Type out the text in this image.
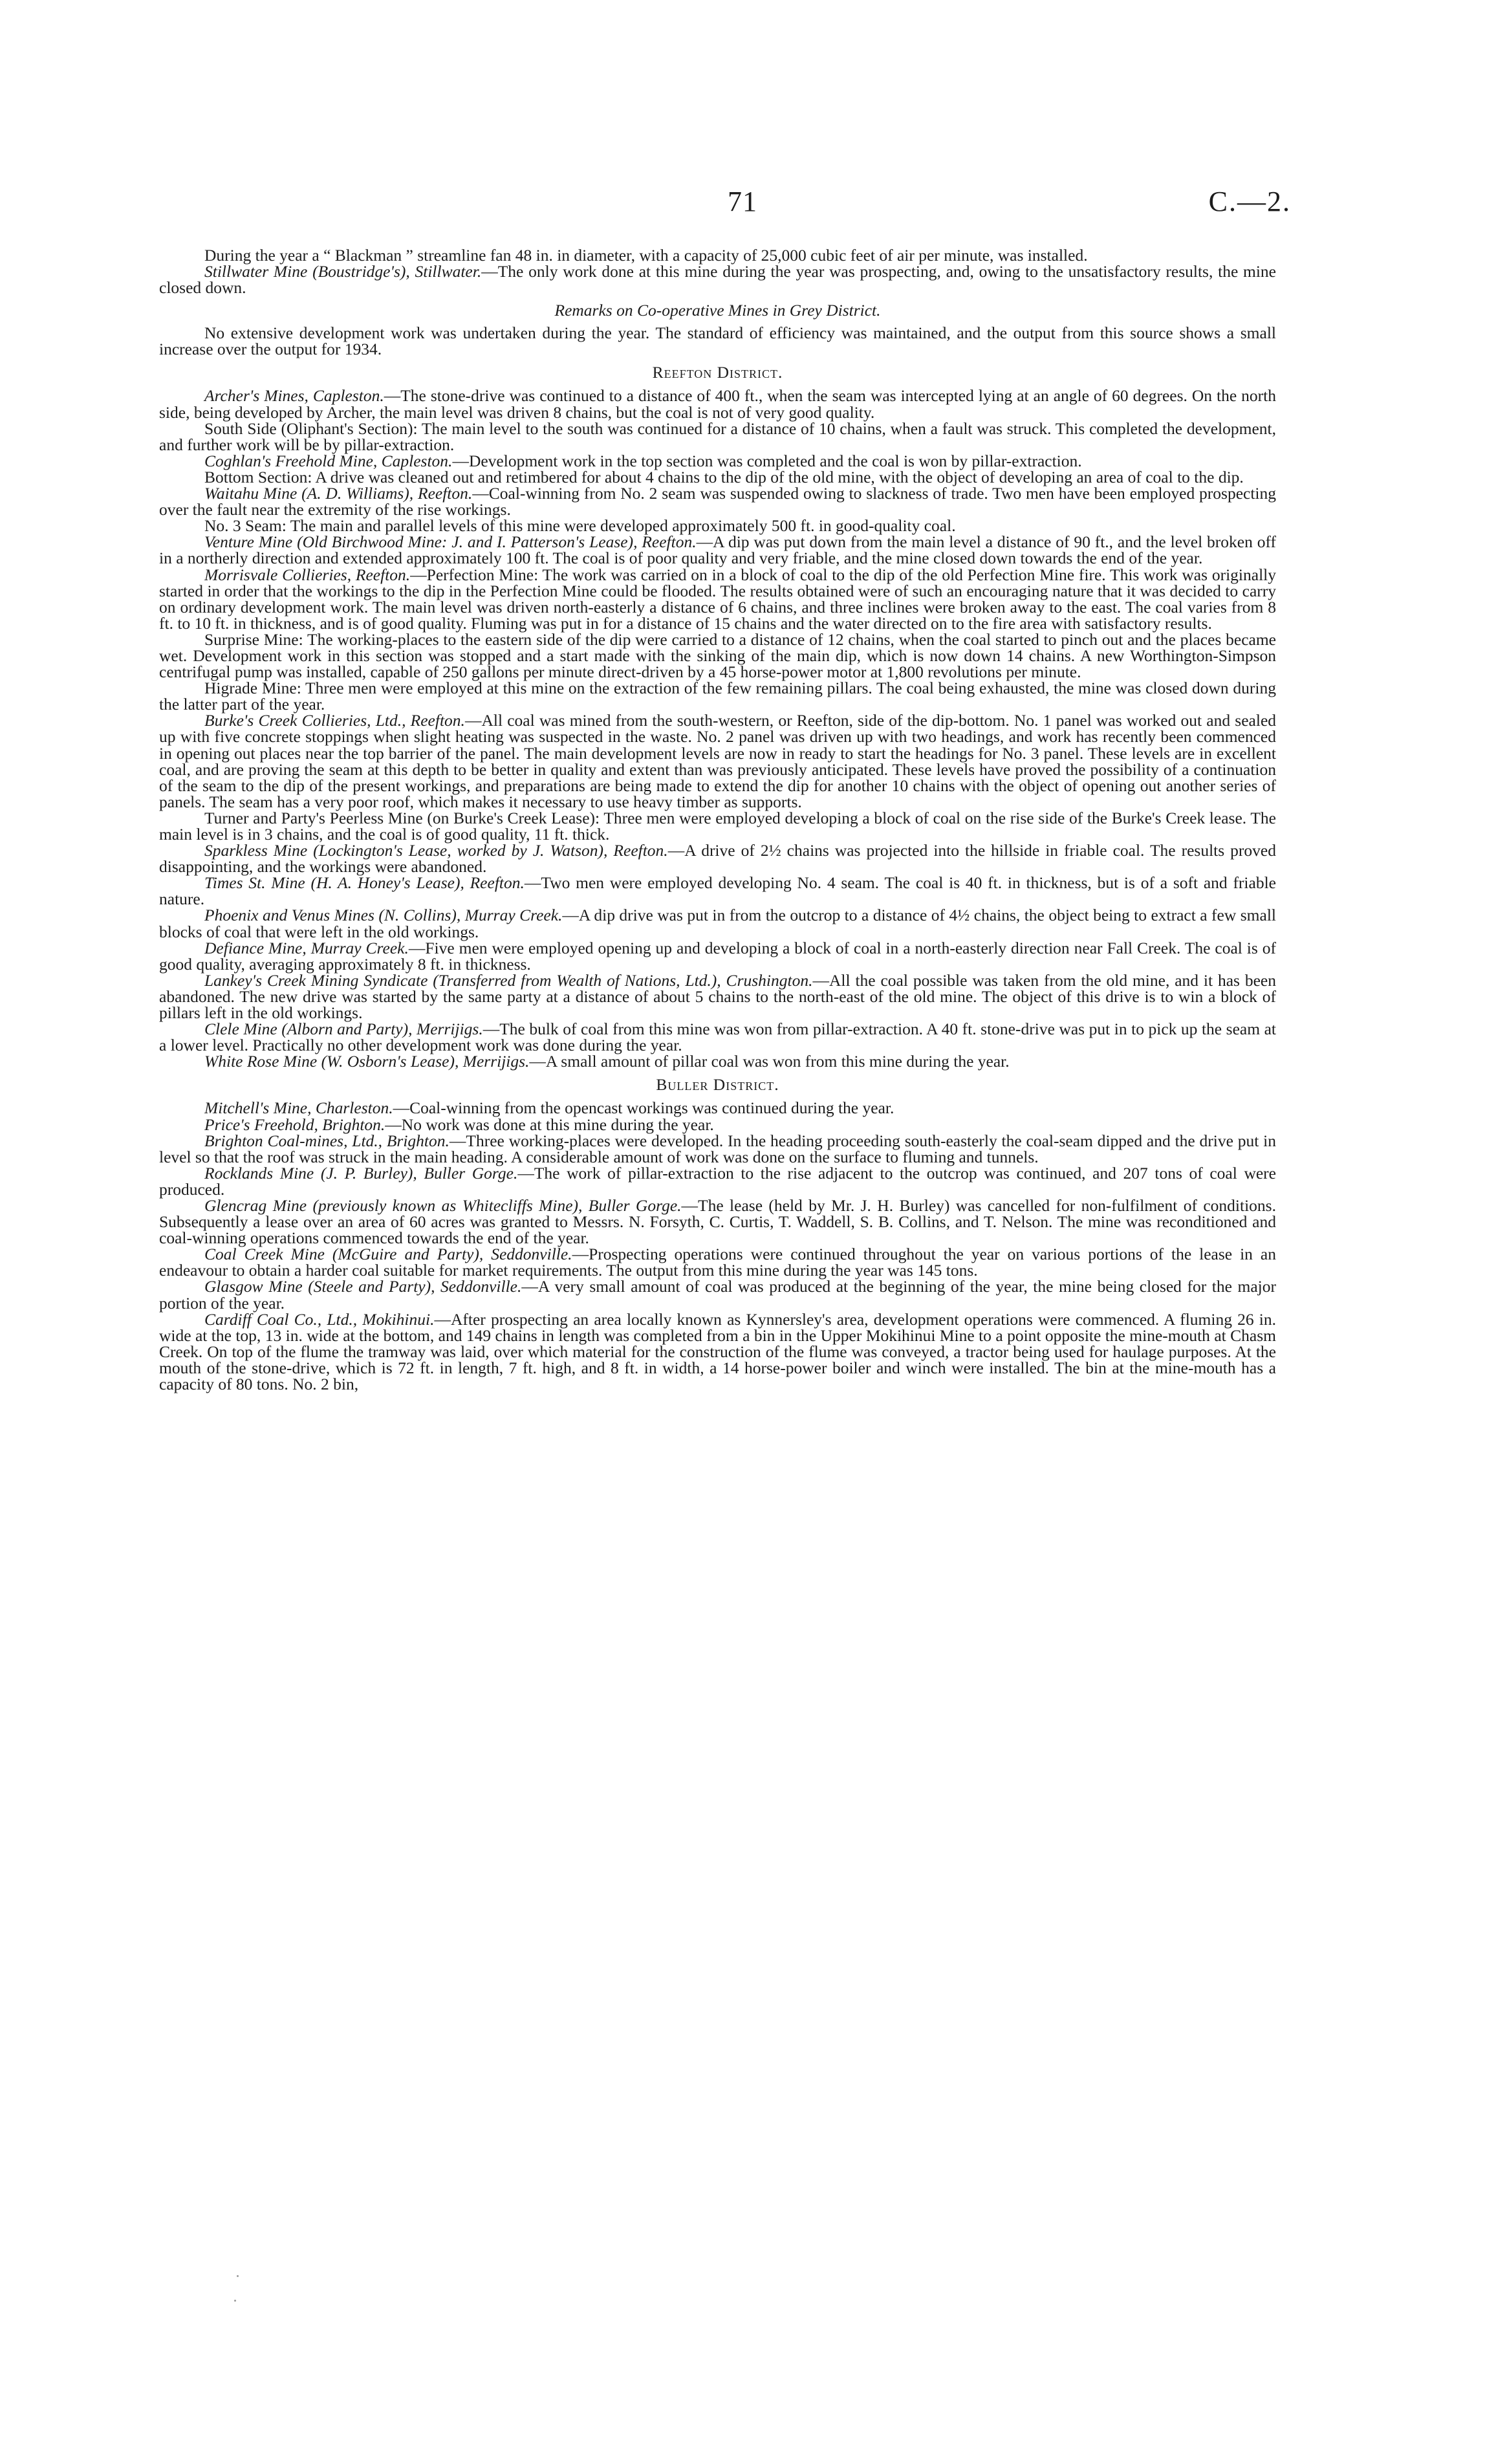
71	C.—2.

During the year a “ Blackman ” streamline fan 48 in. in diameter, with a capacity of 25,000 cubic feet of air per minute, was installed.

Stillwater Mine (Boustridge's), Stillwater.—The only work done at this mine during the year was prospecting, and, owing to the unsatisfactory results, the mine closed down.

Remarks on Co-operative Mines in Grey District.

No extensive development work was undertaken during the year. The standard of efficiency was maintained, and the output from this source shows a small increase over the output for 1934.

Reefton District.

Archer's Mines, Capleston.—The stone-drive was continued to a distance of 400 ft., when the seam was intercepted lying at an angle of 60 degrees. On the north side, being developed by Archer, the main level was driven 8 chains, but the coal is not of very good quality.

South Side (Oliphant's Section): The main level to the south was continued for a distance of 10 chains, when a fault was struck. This completed the development, and further work will be by pillar-extraction.

Coghlan's Freehold Mine, Capleston.—Development work in the top section was completed and the coal is won by pillar-extraction.

Bottom Section: A drive was cleaned out and retimbered for about 4 chains to the dip of the old mine, with the object of developing an area of coal to the dip.

Waitahu Mine (A. D. Williams), Reefton.—Coal-winning from No. 2 seam was suspended owing to slackness of trade. Two men have been employed prospecting over the fault near the extremity of the rise workings.

No. 3 Seam: The main and parallel levels of this mine were developed approximately 500 ft. in good-quality coal.

Venture Mine (Old Birchwood Mine: J. and I. Patterson's Lease), Reefton.—A dip was put down from the main level a distance of 90 ft., and the level broken off in a northerly direction and extended approximately 100 ft. The coal is of poor quality and very friable, and the mine closed down towards the end of the year.

Morrisvale Collieries, Reefton.—Perfection Mine: The work was carried on in a block of coal to the dip of the old Perfection Mine fire. This work was originally started in order that the workings to the dip in the Perfection Mine could be flooded. The results obtained were of such an encouraging nature that it was decided to carry on ordinary development work. The main level was driven north-easterly a distance of 6 chains, and three inclines were broken away to the east. The coal varies from 8 ft. to 10 ft. in thickness, and is of good quality. Fluming was put in for a distance of 15 chains and the water directed on to the fire area with satisfactory results.

Surprise Mine: The working-places to the eastern side of the dip were carried to a distance of 12 chains, when the coal started to pinch out and the places became wet. Development work in this section was stopped and a start made with the sinking of the main dip, which is now down 14 chains. A new Worthington-Simpson centrifugal pump was installed, capable of 250 gallons per minute direct-driven by a 45 horse-power motor at 1,800 revolutions per minute.

Higrade Mine: Three men were employed at this mine on the extraction of the few remaining pillars. The coal being exhausted, the mine was closed down during the latter part of the year.

Burke's Creek Collieries, Ltd., Reefton.—All coal was mined from the south-western, or Reefton, side of the dip-bottom. No. 1 panel was worked out and sealed up with five concrete stoppings when slight heating was suspected in the waste. No. 2 panel was driven up with two headings, and work has recently been commenced in opening out places near the top barrier of the panel. The main development levels are now in ready to start the headings for No. 3 panel. These levels are in excellent coal, and are proving the seam at this depth to be better in quality and extent than was previously anticipated. These levels have proved the possibility of a continuation of the seam to the dip of the present workings, and preparations are being made to extend the dip for another 10 chains with the object of opening out another series of panels. The seam has a very poor roof, which makes it necessary to use heavy timber as supports.

Turner and Party's Peerless Mine (on Burke's Creek Lease): Three men were employed developing a block of coal on the rise side of the Burke's Creek lease. The main level is in 3 chains, and the coal is of good quality, 11 ft. thick.

Sparkless Mine (Lockington's Lease, worked by J. Watson), Reefton.—A drive of 2½ chains was projected into the hillside in friable coal. The results proved disappointing, and the workings were abandoned.

Times St. Mine (H. A. Honey's Lease), Reefton.—Two men were employed developing No. 4 seam. The coal is 40 ft. in thickness, but is of a soft and friable nature.

Phoenix and Venus Mines (N. Collins), Murray Creek.—A dip drive was put in from the outcrop to a distance of 4½ chains, the object being to extract a few small blocks of coal that were left in the old workings.

Defiance Mine, Murray Creek.—Five men were employed opening up and developing a block of coal in a north-easterly direction near Fall Creek. The coal is of good quality, averaging approximately 8 ft. in thickness.

Lankey's Creek Mining Syndicate (Transferred from Wealth of Nations, Ltd.), Crushington.—All the coal possible was taken from the old mine, and it has been abandoned. The new drive was started by the same party at a distance of about 5 chains to the north-east of the old mine. The object of this drive is to win a block of pillars left in the old workings.

Clele Mine (Alborn and Party), Merrijigs.—The bulk of coal from this mine was won from pillar-extraction. A 40 ft. stone-drive was put in to pick up the seam at a lower level. Practically no other development work was done during the year.

White Rose Mine (W. Osborn's Lease), Merrijigs.—A small amount of pillar coal was won from this mine during the year.

Buller District.

Mitchell's Mine, Charleston.—Coal-winning from the opencast workings was continued during the year.

Price's Freehold, Brighton.—No work was done at this mine during the year.

Brighton Coal-mines, Ltd., Brighton.—Three working-places were developed. In the heading proceeding south-easterly the coal-seam dipped and the drive put in level so that the roof was struck in the main heading. A considerable amount of work was done on the surface to fluming and tunnels.

Rocklands Mine (J. P. Burley), Buller Gorge.—The work of pillar-extraction to the rise adjacent to the outcrop was continued, and 207 tons of coal were produced.

Glencrag Mine (previously known as Whitecliffs Mine), Buller Gorge.—The lease (held by Mr. J. H. Burley) was cancelled for non-fulfilment of conditions. Subsequently a lease over an area of 60 acres was granted to Messrs. N. Forsyth, C. Curtis, T. Waddell, S. B. Collins, and T. Nelson. The mine was reconditioned and coal-winning operations commenced towards the end of the year.

Coal Creek Mine (McGuire and Party), Seddonville.—Prospecting operations were continued throughout the year on various portions of the lease in an endeavour to obtain a harder coal suitable for market requirements. The output from this mine during the year was 145 tons.

Glasgow Mine (Steele and Party), Seddonville.—A very small amount of coal was produced at the beginning of the year, the mine being closed for the major portion of the year.

Cardiff Coal Co., Ltd., Mokihinui.—After prospecting an area locally known as Kynnersley's area, development operations were commenced. A fluming 26 in. wide at the top, 13 in. wide at the bottom, and 149 chains in length was completed from a bin in the Upper Mokihinui Mine to a point opposite the mine-mouth at Chasm Creek. On top of the flume the tramway was laid, over which material for the construction of the flume was conveyed, a tractor being used for haulage purposes. At the mouth of the stone-drive, which is 72 ft. in length, 7 ft. high, and 8 ft. in width, a 14 horse-power boiler and winch were installed. The bin at the mine-mouth has a capacity of 80 tons. No. 2 bin,
